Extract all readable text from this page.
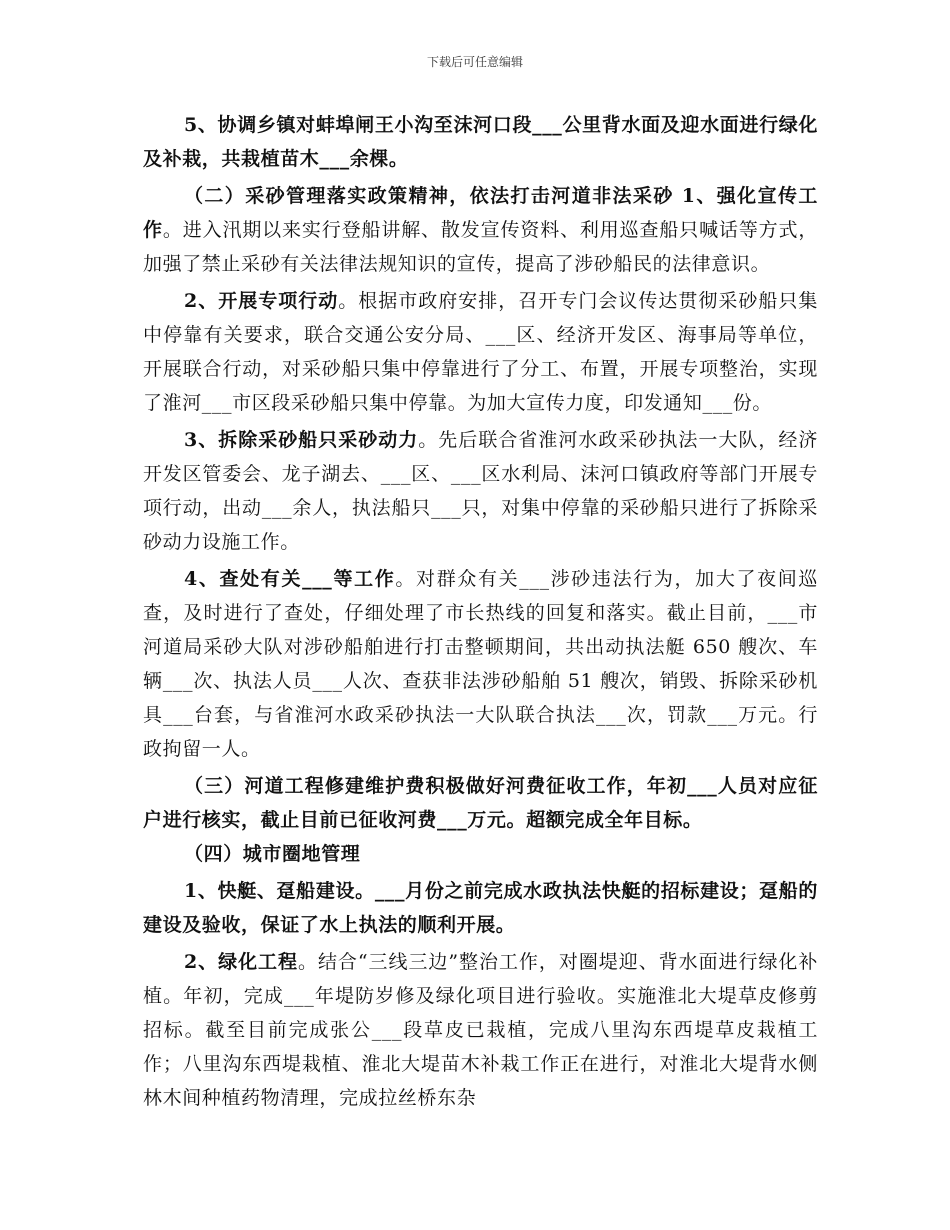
下载后可任意编辑

5、协调乡镇对蚌埠闸王小沟至沫河口段___公里背水面及迎水面进行绿化及补栽，共栽植苗木___余棵。

（二）采砂管理落实政策精神，依法打击河道非法采砂 1、强化宣传工作。进入汛期以来实行登船讲解、散发宣传资料、利用巡查船只喊话等方式，加强了禁止采砂有关法律法规知识的宣传，提高了涉砂船民的法律意识。

2、开展专项行动。根据市政府安排，召开专门会议传达贯彻采砂船只集中停靠有关要求，联合交通公安分局、___区、经济开发区、海事局等单位，开展联合行动，对采砂船只集中停靠进行了分工、布置，开展专项整治，实现了淮河___市区段采砂船只集中停靠。为加大宣传力度，印发通知___份。

3、拆除采砂船只采砂动力。先后联合省淮河水政采砂执法一大队，经济开发区管委会、龙子湖去、___区、___区水利局、沫河口镇政府等部门开展专项行动，出动___余人，执法船只___只，对集中停靠的采砂船只进行了拆除采砂动力设施工作。

4、查处有关___等工作。对群众有关___涉砂违法行为，加大了夜间巡查，及时进行了查处，仔细处理了市长热线的回复和落实。截止目前，___市河道局采砂大队对涉砂船舶进行打击整顿期间，共出动执法艇 650 艘次、车辆___次、执法人员___人次、查获非法涉砂船舶 51 艘次，销毁、拆除采砂机具___台套，与省淮河水政采砂执法一大队联合执法___次，罚款___万元。行政拘留一人。

（三）河道工程修建维护费积极做好河费征收工作，年初___人员对应征户进行核实，截止目前已征收河费___万元。超额完成全年目标。

（四）城市圈地管理

1、快艇、趸船建设。___月份之前完成水政执法快艇的招标建设；趸船的建设及验收，保证了水上执法的顺利开展。

2、绿化工程。结合“三线三边”整治工作，对圈堤迎、背水面进行绿化补植。年初，完成___年堤防岁修及绿化项目进行验收。实施淮北大堤草皮修剪招标。截至目前完成张公___段草皮已栽植，完成八里沟东西堤草皮栽植工作；八里沟东西堤栽植、淮北大堤苗木补栽工作正在进行，对淮北大堤背水侧林木间种植药物清理，完成拉丝桥东杂
